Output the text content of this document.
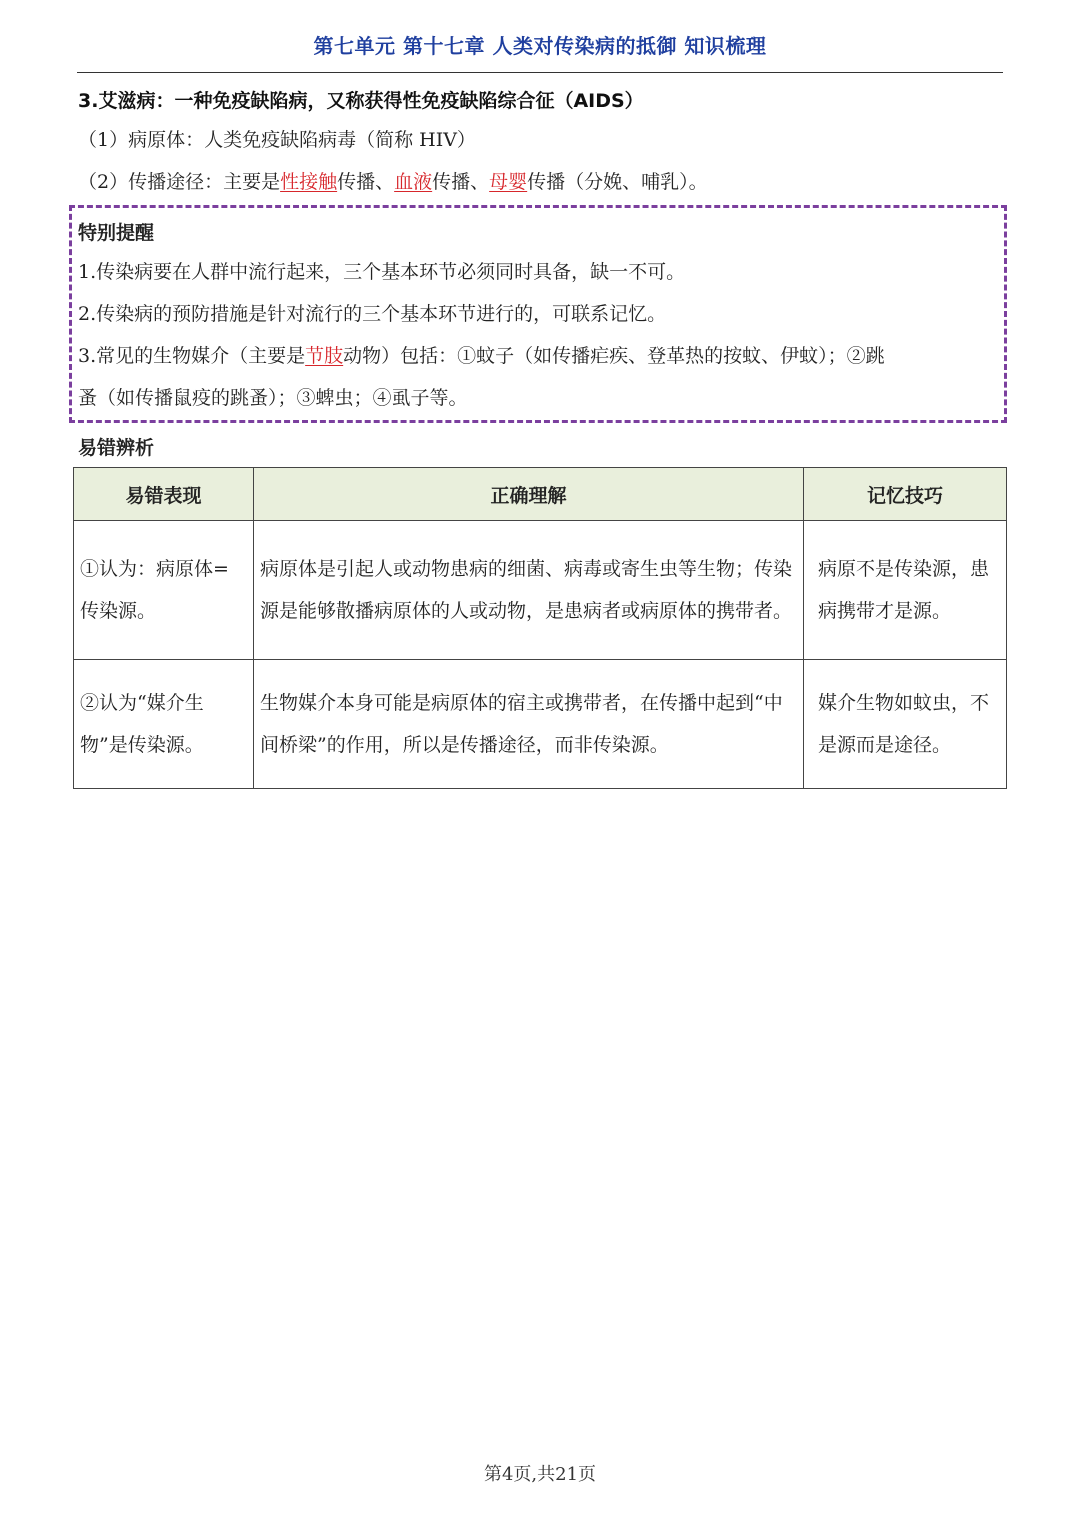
第七单元 第十七章 人类对传染病的抵御 知识梳理
3.艾滋病：一种免疫缺陷病，又称获得性免疫缺陷综合征（AIDS）
（1）病原体：人类免疫缺陷病毒（简称 HIV）
（2）传播途径：主要是性接触传播、血液传播、母婴传播（分娩、哺乳）。
特别提醒
1.传染病要在人群中流行起来，三个基本环节必须同时具备，缺一不可。
2.传染病的预防措施是针对流行的三个基本环节进行的，可联系记忆。
3.常见的生物媒介（主要是节肢动物）包括：①蚊子（如传播疟疾、登革热的按蚊、伊蚊）；②跳
蚤（如传播鼠疫的跳蚤）；③蜱虫；④虱子等。
易错辨析
易错表现	正确理解	记忆技巧
①认为：病原体=传染源。	病原体是引起人或动物患病的细菌、病毒或寄生虫等生物；传染源是能够散播病原体的人或动物，是患病者或病原体的携带者。	病原不是传染源，患病携带才是源。
②认为“媒介生物”是传染源。	生物媒介本身可能是病原体的宿主或携带者，在传播中起到“中间桥梁”的作用，所以是传播途径，而非传染源。	媒介生物如蚊虫，不是源而是途径。
第4页,共21页
